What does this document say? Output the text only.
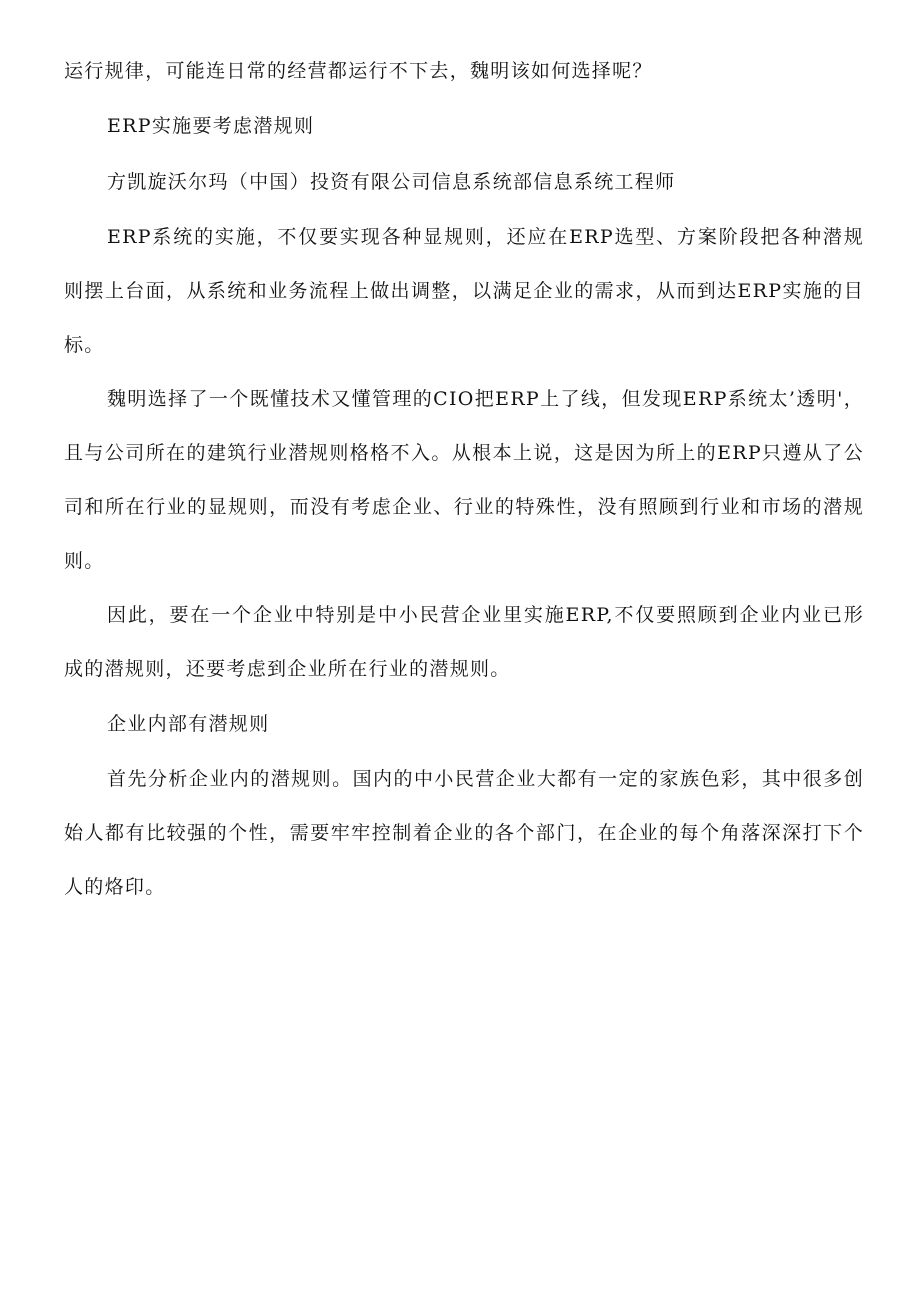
运行规律，可能连日常的经营都运行不下去，魏明该如何选择呢？

ERP实施要考虑潜规则

方凯旋沃尔玛（中国）投资有限公司信息系统部信息系统工程师

ERP系统的实施，不仅要实现各种显规则，还应在ERP选型、方案阶段把各种潜规则摆上台面，从系统和业务流程上做出调整，以满足企业的需求，从而到达ERP实施的目标。

魏明选择了一个既懂技术又懂管理的CIO把ERP上了线，但发现ERP系统太’透明'，且与公司所在的建筑行业潜规则格格不入。从根本上说，这是因为所上的ERP只遵从了公司和所在行业的显规则，而没有考虑企业、行业的特殊性，没有照顾到行业和市场的潜规则。

因此，要在一个企业中特别是中小民营企业里实施ERP,不仅要照顾到企业内业已形成的潜规则，还要考虑到企业所在行业的潜规则。

企业内部有潜规则

首先分析企业内的潜规则。国内的中小民营企业大都有一定的家族色彩，其中很多创始人都有比较强的个性，需要牢牢控制着企业的各个部门，在企业的每个角落深深打下个人的烙印。
